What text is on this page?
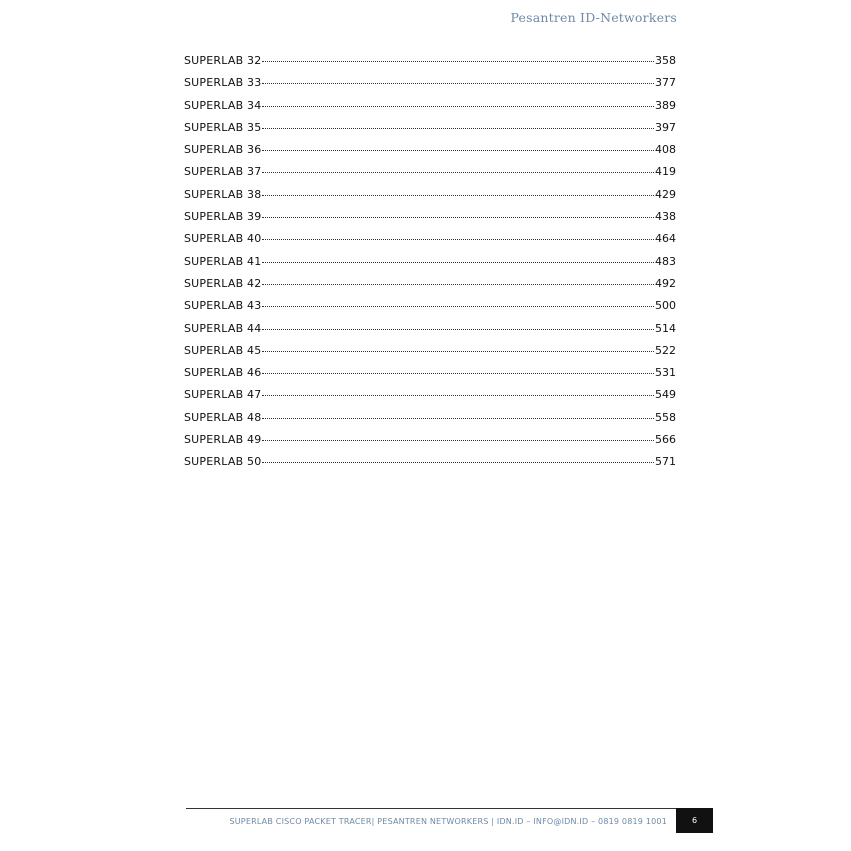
Pesantren ID-Networkers
SUPERLAB 32	358
SUPERLAB 33	377
SUPERLAB 34	389
SUPERLAB 35	397
SUPERLAB 36	408
SUPERLAB 37	419
SUPERLAB 38	429
SUPERLAB 39	438
SUPERLAB 40	464
SUPERLAB 41	483
SUPERLAB 42	492
SUPERLAB 43	500
SUPERLAB 44	514
SUPERLAB 45	522
SUPERLAB 46	531
SUPERLAB 47	549
SUPERLAB 48	558
SUPERLAB 49	566
SUPERLAB 50	571
SUPERLAB CISCO PACKET TRACER| PESANTREN NETWORKERS | IDN.ID – INFO@IDN.ID – 0819 0819 1001	6
